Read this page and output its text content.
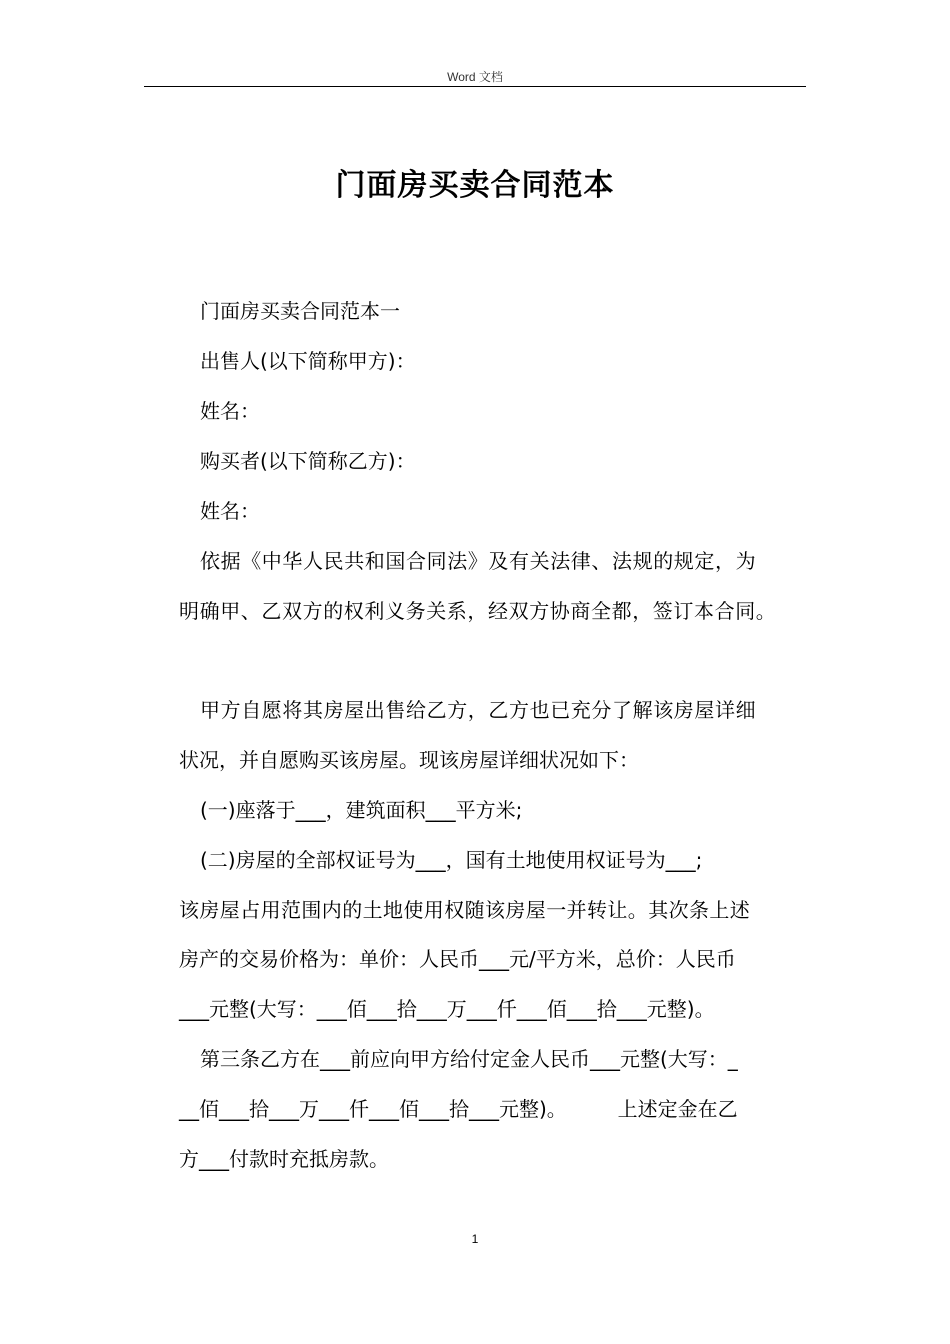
Word 文档
门面房买卖合同范本
门面房买卖合同范本一
出售人(以下简称甲方)：
姓名：
购买者(以下简称乙方)：
姓名：
依据《中华人民共和国合同法》及有关法律、法规的规定，为
明确甲、乙双方的权利义务关系，经双方协商全都，签订本合同。
甲方自愿将其房屋出售给乙方，乙方也已充分了解该房屋详细
状况，并自愿购买该房屋。现该房屋详细状况如下：
(一)座落于___，建筑面积___平方米;
(二)房屋的全部权证号为___，国有土地使用权证号为___;
该房屋占用范围内的土地使用权随该房屋一并转让。其次条上述
房产的交易价格为：单价：人民币___元/平方米，总价：人民币
___元整(大写：___佰___拾___万___仟___佰___拾___元整)。
第三条乙方在___前应向甲方给付定金人民币___元整(大写：_
__佰___拾___万___仟___佰___拾___元整)。        上述定金在乙
方___付款时充抵房款。
1
